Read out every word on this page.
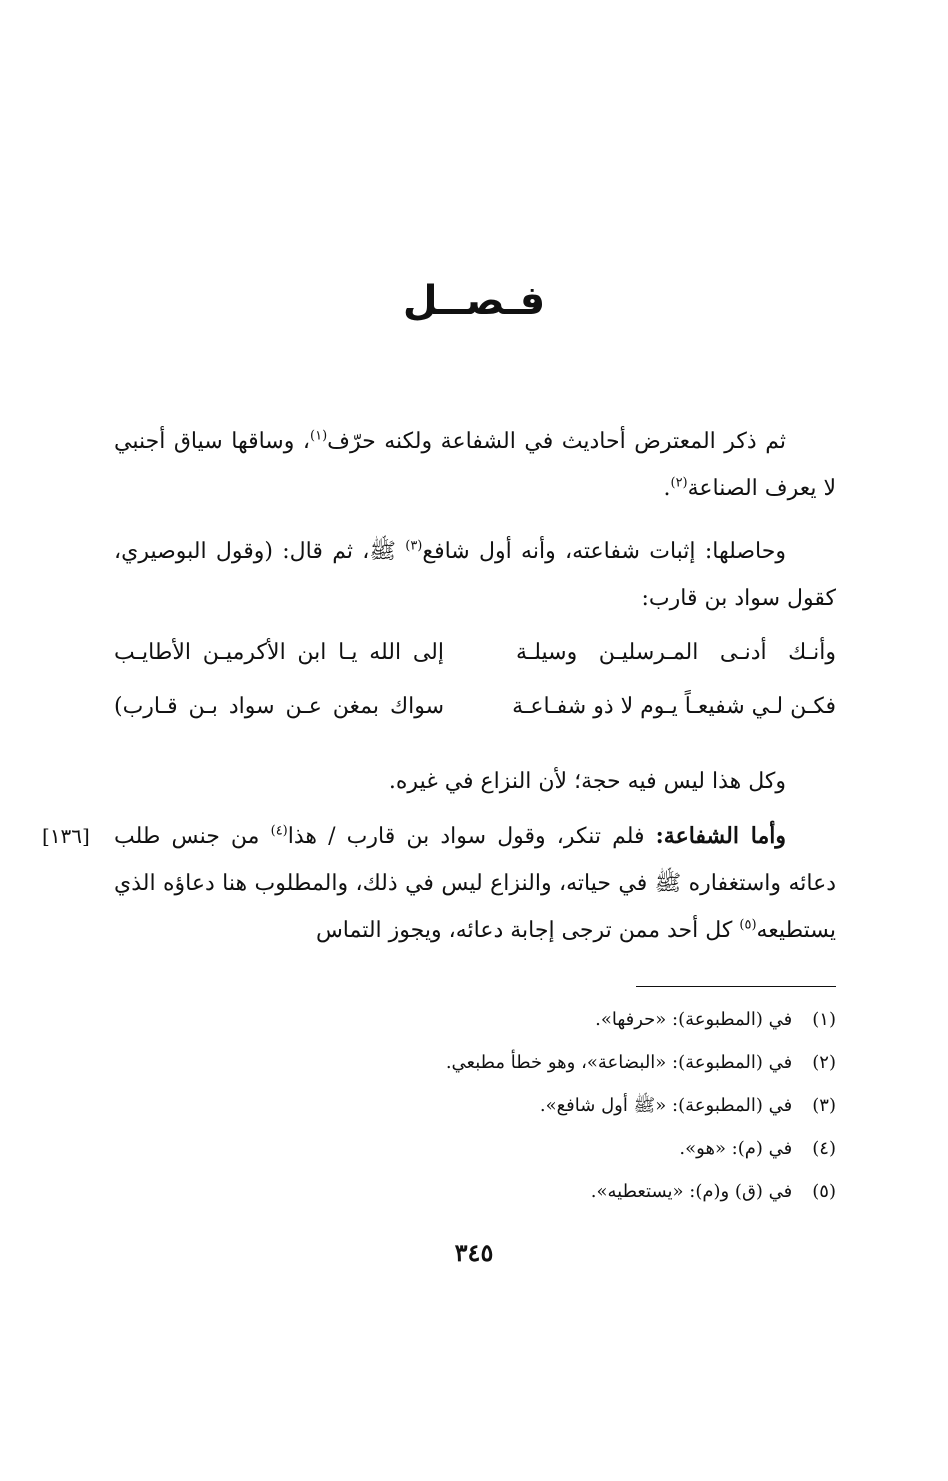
فـصــل

ثم ذكر المعترض أحاديث في الشفاعة ولكنه حرّف$^{(١)}$، وساقها سياق أجنبي لا يعرف الصناعة$^{(٢)}$.

وحاصلها: إثبات شفاعته، وأنه أول شافع$^{(٣)}$ ﷺ، ثم قال: (وقول البوصيري، كقول سواد بن قارب:

وأنـك أدنـى المـرسليـن وسيلـة
إلى الله يـا ابن الأكرميـن الأطايـب
فكـن لـي شفيعـاً يـوم لا ذو شفـاعـة
سواك بمغن عـن سواد بـن قـارب)

وكل هذا ليس فيه حجة؛ لأن النزاع في غيره.

وأما الشفاعة: فلم تنكر، وقول سواد بن قارب / هذا$^{(٤)}$ من جنس طلب دعائه واستغفاره ﷺ في حياته، والنزاع ليس في ذلك، والمطلوب هنا دعاؤه الذي يستطيعه$^{(٥)}$ كل أحد ممن ترجى إجابة دعائه، ويجوز التماس

[١٣٦]
(١) في (المطبوعة): «حرفها».
(٢) في (المطبوعة): «البضاعة»، وهو خطأ مطبعي.
(٣) في (المطبوعة): «ﷺ أول شافع».
(٤) في (م): «هو».
(٥) في (ق) و(م): «يستعطيه».
٣٤٥
